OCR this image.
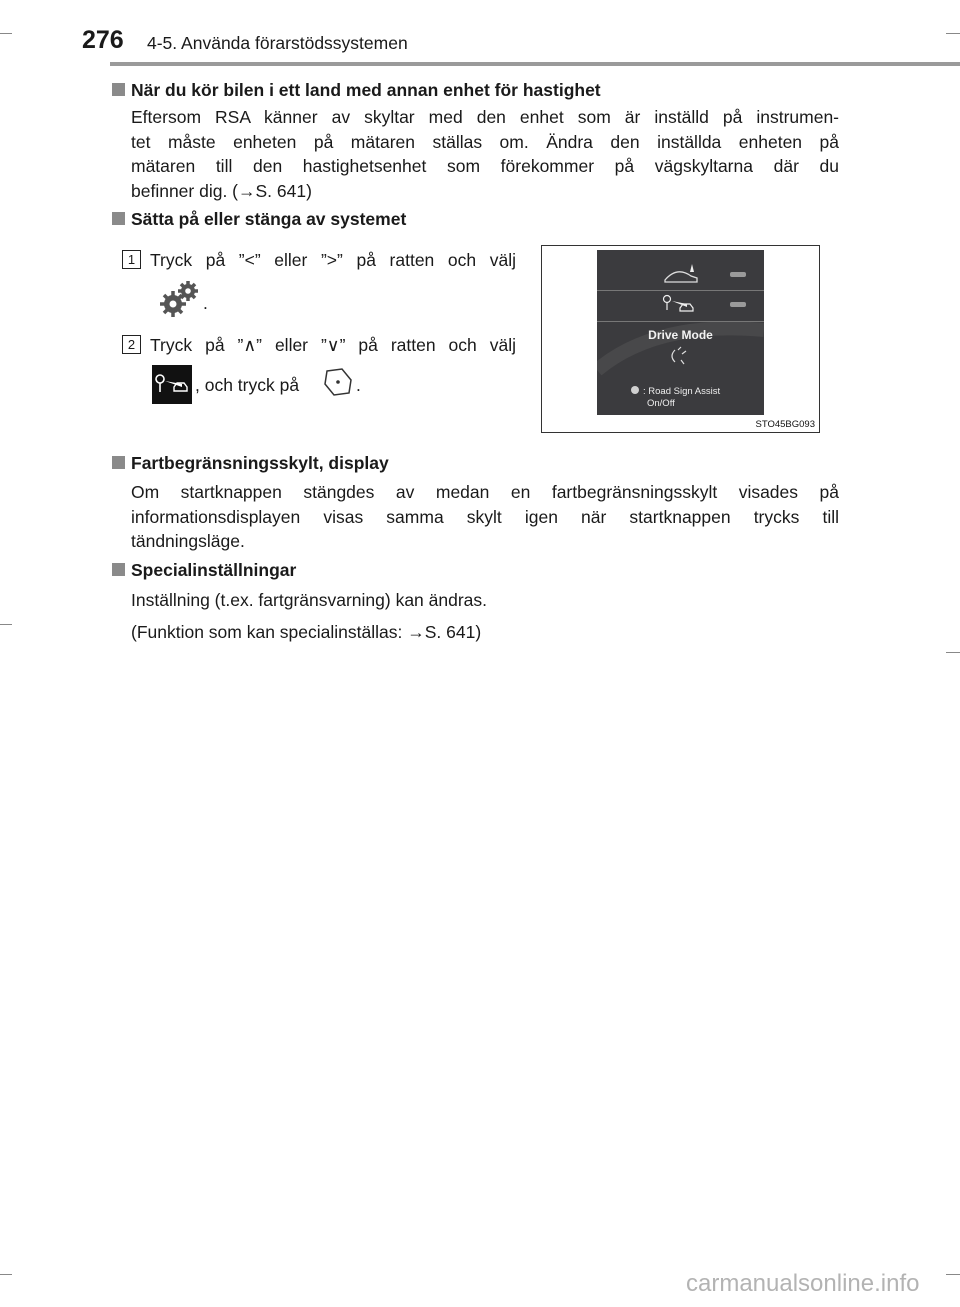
276 4-5. Använda förarstödssystemen
När du kör bilen i ett land med annan enhet för hastighet
Eftersom RSA känner av skyltar med den enhet som är inställd på instrumen-
tet måste enheten på mätaren ställas om. Ändra den inställda enheten på
mätaren till den hastighetsenhet som förekommer på vägskyltarna där du
befinner dig. (→S. 641)
Sätta på eller stänga av systemet
1 Tryck på ”<” eller ”>” på ratten och välj
.
2 Tryck på ”∧” eller ”∨” på ratten och välj
, och tryck på	.
Drive Mode
: Road Sign Assist
On/Off
STO45BG093
Fartbegränsningsskylt, display
Om startknappen stängdes av medan en fartbegränsningsskylt visades på
informationsdisplayen visas samma skylt igen när startknappen trycks till
tändningsläge.
Specialinställningar
Inställning (t.ex. fartgränsvarning) kan ändras.
(Funktion som kan specialinställas: →S. 641)
carmanualsonline.info
